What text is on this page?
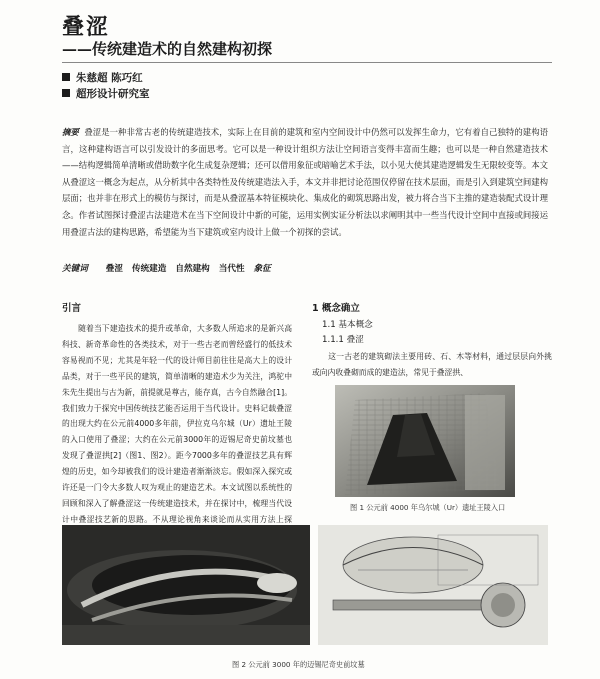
叠涩
——传统建造术的自然建构初探
朱慈超 陈巧红
超形设计研究室
摘要 叠涩是一种非常古老的传统建造技术，实际上在目前的建筑和室内空间设计中仍然可以发挥生命力，它有着自己独特的建构语言，这种建构语言可以引发设计的多面思考。它可以是一种设计组织方法让空间语言变得丰富而生趣；也可以是一种自然建造技术——结构逻辑简单清晰或借助数字化生成复杂逻辑；还可以借用象征或暗喻艺术手法，以小见大使其建造逻辑发生无限较变等。本文从叠涩这一概念为起点，从分析其中各类特性及传统建造法入手，本文并非把讨论范围仅停留在技术层面，而是引入到建筑空间建构层面；也并非在形式上的模仿与探讨，而是从叠涩基本特征模块化、集成化的砌筑思路出发，被力将合当下主推的建造装配式设计理念。作者试图探讨叠涩古法建造术在当下空间设计中新的可能，运用实例实证分析法以求阐明其中一些当代设计空间中直接或间接运用叠涩古法的建构思路，希望能为当下建筑或室内设计上做一个初探的尝试。
关键词 叠涩 传统建造 自然建构 当代性 象征
引言
随着当下建造技术的提升或革命，大多数人所追求的是新兴高科技、新奇革命性的各类技术，对于一些古老而曾经盛行的低技术容易视而不见；尤其是年轻一代的设计师目前往往是高大上的设计品类，对于一些平民的建筑，简单清晰的建造术少为关注，鸿驼中朱先生提出与古为新，前提就是尊古，能存真，古今自然融合[1]。我们致力于探究中国传统技艺能否运用于当代设计。史料记载叠涩的出现大约在公元前4000多年前，伊拉克乌尔城（Ur）遗址王陵的入口使用了叠涩；大约在公元前3000年的迈锡尼奇史前坟墓也发现了叠涩拱[2]（图1、图2）。距今7000多年的叠涩技艺具有辉煌的历史，如今却被我们的设计建造者渐渐淡忘。假如深入探究或许还是一门令大多数人叹为观止的建造艺术。本文试图以系统性的回顾和深入了解叠涩这一传统建造技术，并在探讨中，梳理当代设计中叠涩技艺新的思路。不从理论视角来谈论而从实用方法上探
1 概念确立
1.1 基本概念
1.1.1 叠涩
这一古老的建筑砌法主要用砖、石、木等材料，通过层层向外挑或向内收叠砌而成的建造法，常见于叠涩拱、
图 1 公元前 4000 年乌尔城（Ur）遗址王陵入口
图 2 公元前 3000 年的迈锡尼奇史前坟墓
